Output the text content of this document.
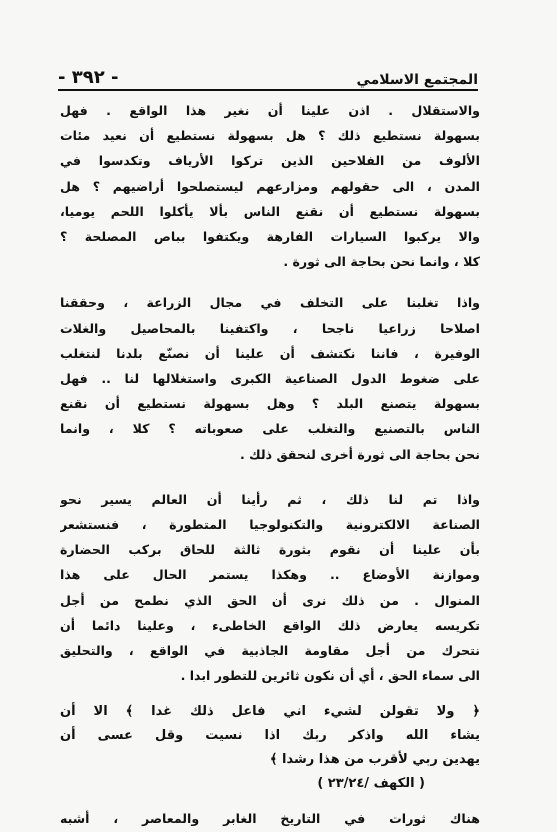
- ٣٩٢ -	المجتمع الاسلامي
والاستقلال . اذن علينا أن نغير هذا الواقع . فهل
بسهولة نستطيع ذلك ؟ هل بسهولة نستطيع أن نعيد مئات
الألوف من الفلاحين الذين تركوا الأرياف وتكدسوا في
المدن ، الى حقولهم ومزارعهم ليستصلحوا أراضيهم ؟ هل
بسهولة نستطيع أن نقنع الناس بألا يأكلوا اللحم يوميا،
والا يركبوا السيارات الفارهة ويكتفوا بباص المصلحة ؟
كلا ، وانما نحن بحاجة الى ثورة .
واذا تغلبنا على التخلف في مجال الزراعة ، وحققنا
اصلاحا زراعيا ناجحا ، واكتفينا بالمحاصيل والغلات
الوفيرة ، فاننا نكتشف أن علينا أن نصنّع بلدنا لنتغلب
على ضغوط الدول الصناعية الكبرى واستغلالها لنا .. فهل
بسهولة يتصنع البلد ؟ وهل بسهولة نستطيع أن نقنع
الناس بالتصنيع والتغلب على صعوباته ؟ كلا ، وانما
نحن بحاجة الى ثورة أخرى لنحقق ذلك .
واذا تم لنا ذلك ، ثم رأينا أن العالم يسير نحو
الصناعة الالكترونية والتكنولوجيا المتطورة ، فنستشعر
بأن علينا أن نقوم بثورة ثالثة للحاق بركب الحضارة
وموازنة الأوضاع .. وهكذا يستمر الحال على هذا
المنوال . من ذلك نرى أن الحق الذي نطمح من أجل
تكريسه يعارض ذلك الواقع الخاطىء ، وعلينا دائما أن
نتحرك من أجل مقاومة الجاذبية في الواقع ، والتحليق
الى سماء الحق ، أي أن نكون ثائرين للتطور ابدا .
﴿ ولا تقولن لشيء اني فاعل ذلك غدا ﴾ الا أن
يشاء الله واذكر ربك اذا نسيت وقل عسى أن
يهدين ربي لأقرب من هذا رشدا ﴾
( الكهف /٢٣/٢٤ )
هناك ثورات في التاريخ الغابر والمعاصر ، أشبه
